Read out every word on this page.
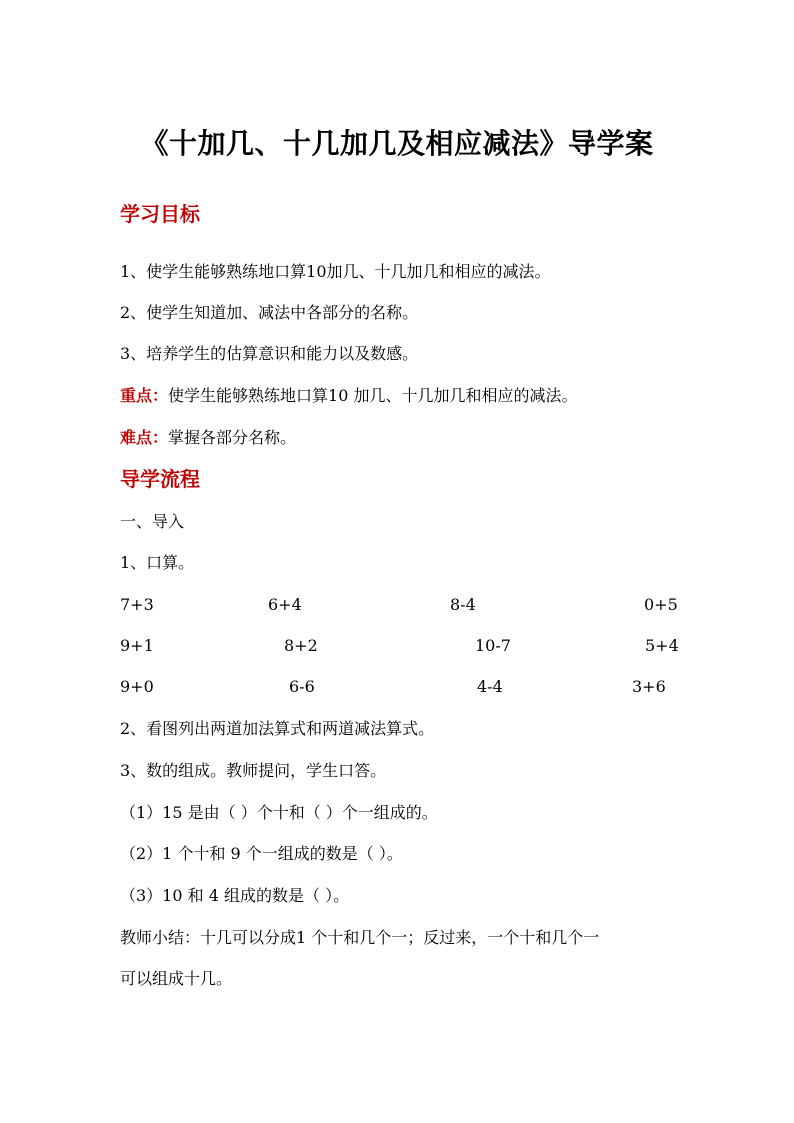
《十加几、十几加几及相应减法》导学案
学习目标
1、使学生能够熟练地口算10加几、十几加几和相应的减法。
2、使学生知道加、减法中各部分的名称。
3、培养学生的估算意识和能力以及数感。
重点：使学生能够熟练地口算10 加几、十几加几和相应的减法。
难点：掌握各部分名称。
导学流程
一、导入
1、口算。
7+3	6+4	8-4	0+5
9+1	8+2	10-7	5+4
9+0	6-6	4-4	3+6
2、看图列出两道加法算式和两道减法算式。
3、数的组成。教师提问，学生口答。
（1）15 是由（ ）个十和（ ）个一组成的。
（2）1 个十和 9 个一组成的数是（ ）。
（3）10 和 4 组成的数是（ ）。
教师小结：十几可以分成1 个十和几个一；反过来，一个十和几个一
可以组成十几。
